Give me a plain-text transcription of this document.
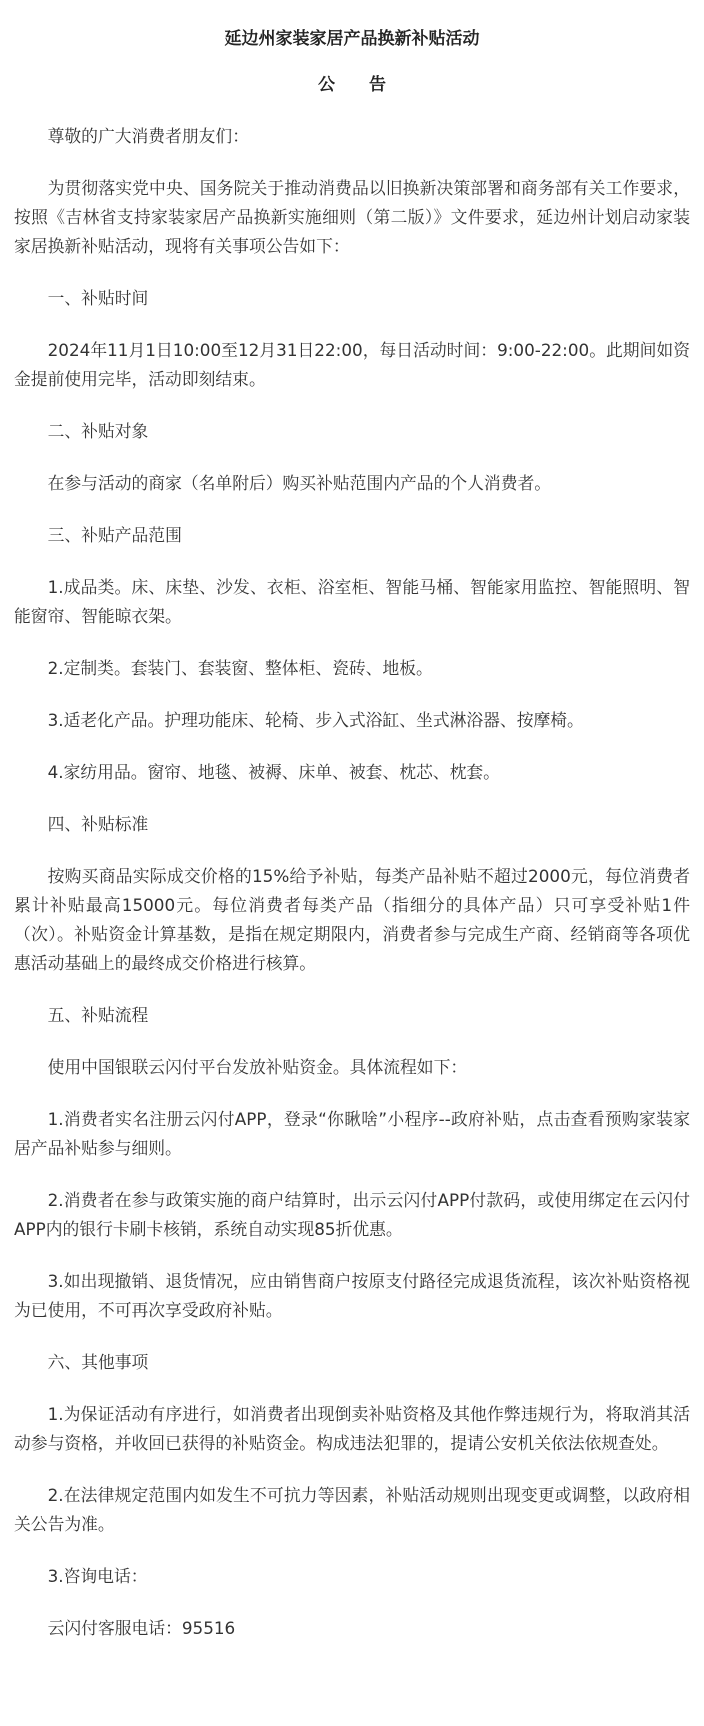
延边州家装家居产品换新补贴活动
公 告

尊敬的广大消费者朋友们：

为贯彻落实党中央、国务院关于推动消费品以旧换新决策部署和商务部有关工作要求，按照《吉林省支持家装家居产品换新实施细则（第二版）》文件要求，延边州计划启动家装家居换新补贴活动，现将有关事项公告如下：

一、补贴时间

2024年11月1日10:00至12月31日22:00，每日活动时间：9:00-22:00。此期间如资金提前使用完毕，活动即刻结束。

二、补贴对象

在参与活动的商家（名单附后）购买补贴范围内产品的个人消费者。

三、补贴产品范围

1.成品类。床、床垫、沙发、衣柜、浴室柜、智能马桶、智能家用监控、智能照明、智能窗帘、智能晾衣架。

2.定制类。套装门、套装窗、整体柜、瓷砖、地板。

3.适老化产品。护理功能床、轮椅、步入式浴缸、坐式淋浴器、按摩椅。

4.家纺用品。窗帘、地毯、被褥、床单、被套、枕芯、枕套。

四、补贴标准

按购买商品实际成交价格的15%给予补贴，每类产品补贴不超过2000元，每位消费者累计补贴最高15000元。每位消费者每类产品（指细分的具体产品）只可享受补贴1件（次）。补贴资金计算基数，是指在规定期限内，消费者参与完成生产商、经销商等各项优惠活动基础上的最终成交价格进行核算。

五、补贴流程

使用中国银联云闪付平台发放补贴资金。具体流程如下：

1.消费者实名注册云闪付APP，登录“你瞅啥”小程序--政府补贴，点击查看预购家装家居产品补贴参与细则。

2.消费者在参与政策实施的商户结算时，出示云闪付APP付款码，或使用绑定在云闪付APP内的银行卡刷卡核销，系统自动实现85折优惠。

3.如出现撤销、退货情况，应由销售商户按原支付路径完成退货流程，该次补贴资格视为已使用，不可再次享受政府补贴。

六、其他事项

1.为保证活动有序进行，如消费者出现倒卖补贴资格及其他作弊违规行为，将取消其活动参与资格，并收回已获得的补贴资金。构成违法犯罪的，提请公安机关依法依规查处。

2.在法律规定范围内如发生不可抗力等因素，补贴活动规则出现变更或调整，以政府相关公告为准。

3.咨询电话：

云闪付客服电话：95516
